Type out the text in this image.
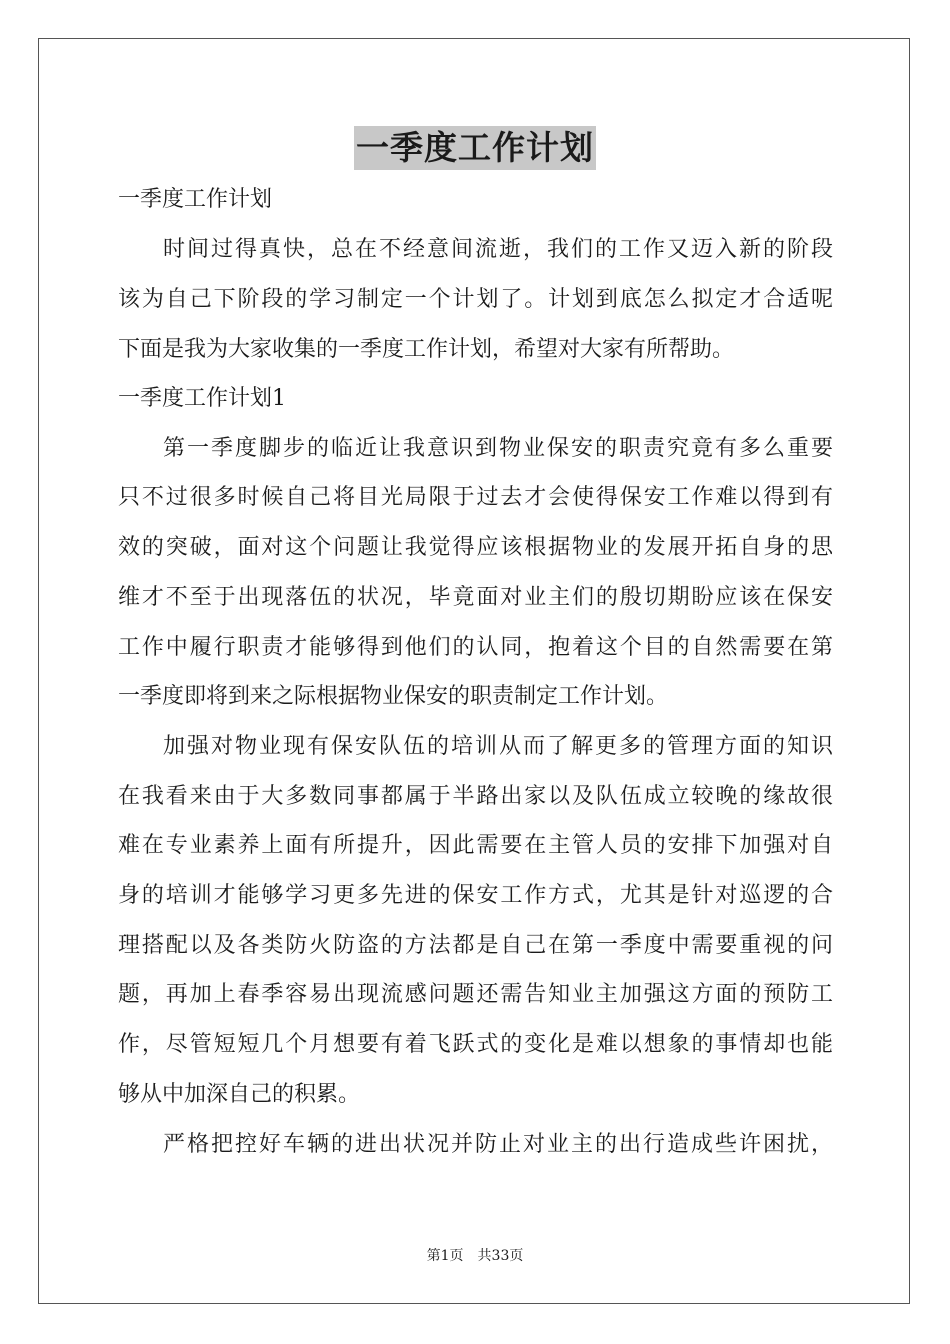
一季度工作计划
一季度工作计划
时间过得真快，总在不经意间流逝，我们的工作又迈入新的阶段
该为自己下阶段的学习制定一个计划了。计划到底怎么拟定才合适呢
下面是我为大家收集的一季度工作计划，希望对大家有所帮助。
一季度工作计划1
第一季度脚步的临近让我意识到物业保安的职责究竟有多么重要
只不过很多时候自己将目光局限于过去才会使得保安工作难以得到有
效的突破，面对这个问题让我觉得应该根据物业的发展开拓自身的思
维才不至于出现落伍的状况，毕竟面对业主们的殷切期盼应该在保安
工作中履行职责才能够得到他们的认同，抱着这个目的自然需要在第
一季度即将到来之际根据物业保安的职责制定工作计划。
加强对物业现有保安队伍的培训从而了解更多的管理方面的知识
在我看来由于大多数同事都属于半路出家以及队伍成立较晚的缘故很
难在专业素养上面有所提升，因此需要在主管人员的安排下加强对自
身的培训才能够学习更多先进的保安工作方式，尤其是针对巡逻的合
理搭配以及各类防火防盗的方法都是自己在第一季度中需要重视的问
题，再加上春季容易出现流感问题还需告知业主加强这方面的预防工
作，尽管短短几个月想要有着飞跃式的变化是难以想象的事情却也能
够从中加深自己的积累。
严格把控好车辆的进出状况并防止对业主的出行造成些许困扰，
第1页　共33页
